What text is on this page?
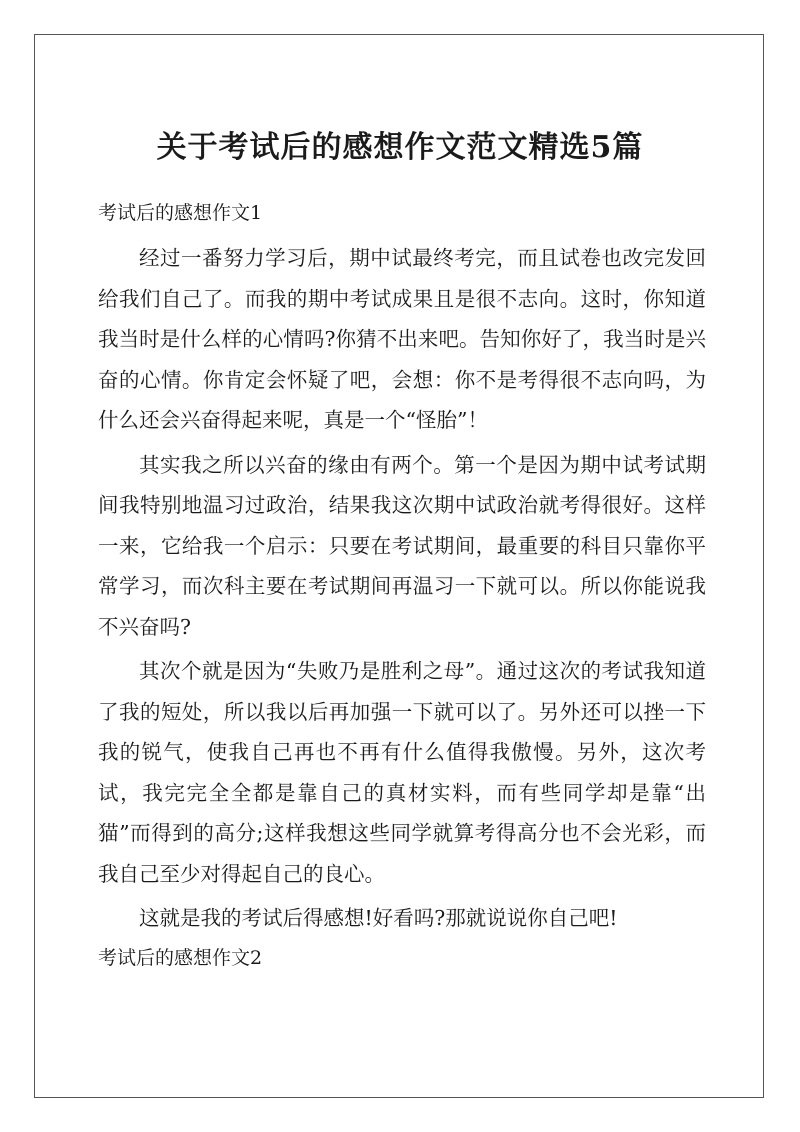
关于考试后的感想作文范文精选5篇
考试后的感想作文1

经过一番努力学习后，期中试最终考完，而且试卷也改完发回给我们自己了。而我的期中考试成果且是很不志向。这时，你知道我当时是什么样的心情吗?你猜不出来吧。告知你好了，我当时是兴奋的心情。你肯定会怀疑了吧，会想：你不是考得很不志向吗，为什么还会兴奋得起来呢，真是一个“怪胎”！

其实我之所以兴奋的缘由有两个。第一个是因为期中试考试期间我特别地温习过政治，结果我这次期中试政治就考得很好。这样一来，它给我一个启示：只要在考试期间，最重要的科目只靠你平常学习，而次科主要在考试期间再温习一下就可以。所以你能说我不兴奋吗?

其次个就是因为“失败乃是胜利之母”。通过这次的考试我知道了我的短处，所以我以后再加强一下就可以了。另外还可以挫一下我的锐气，使我自己再也不再有什么值得我傲慢。另外，这次考试，我完完全全都是靠自己的真材实料，而有些同学却是靠“出猫”而得到的高分;这样我想这些同学就算考得高分也不会光彩，而我自己至少对得起自己的良心。

这就是我的考试后得感想!好看吗?那就说说你自己吧!

考试后的感想作文2
